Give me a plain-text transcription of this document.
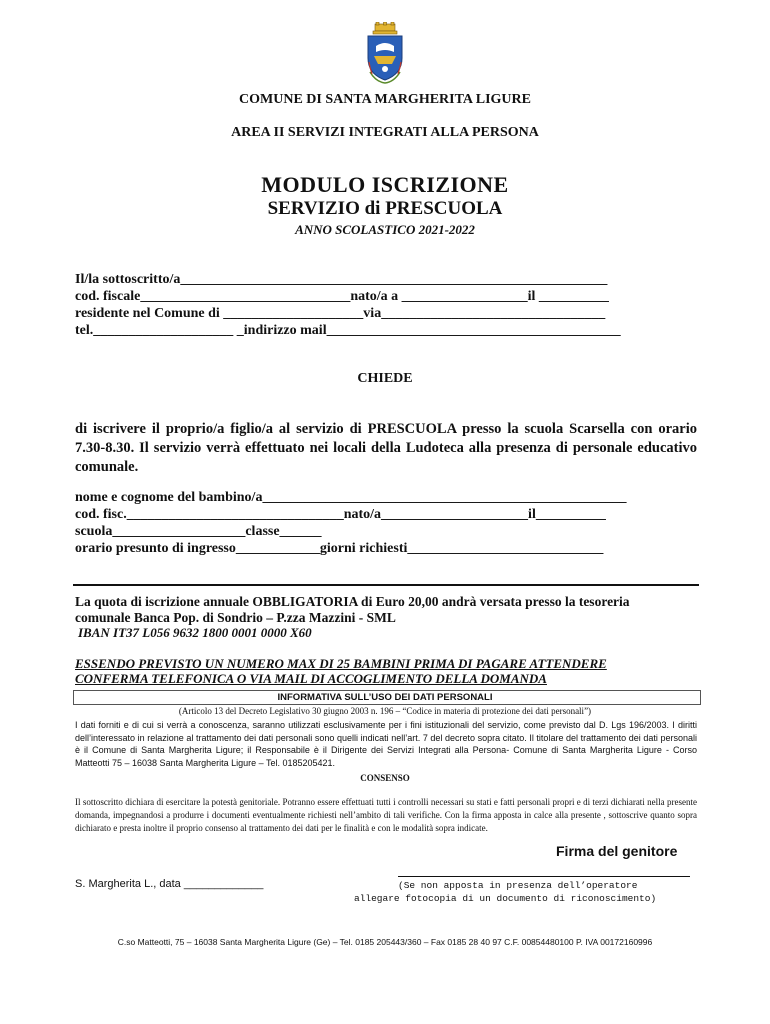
COMUNE DI SANTA MARGHERITA LIGURE
AREA II SERVIZI INTEGRATI ALLA PERSONA
MODULO ISCRIZIONE
SERVIZIO di PRESCUOLA
ANNO SCOLASTICO 2021-2022
Il/la sottoscritto/a_____________________________________________________________
cod. fiscale______________________________nato/a a __________________il __________
residente nel Comune di ____________________via________________________________
tel.____________________ _indirizzo mail__________________________________________
CHIEDE
di iscrivere il proprio/a figlio/a al servizio di PRESCUOLA presso la scuola Scarsella con orario 7.30-8.30. Il servizio verrà effettuato nei locali della Ludoteca alla presenza di personale educativo comunale.
nome e cognome del bambino/a____________________________________________________
cod. fisc._______________________________nato/a_____________________il__________
scuola___________________classe______
orario presunto di ingresso____________giorni richiesti____________________________
La quota di iscrizione annuale OBBLIGATORIA di Euro 20,00 andrà versata presso la tesoreria
comunale Banca Pop. di Sondrio – P.zza Mazzini - SML
IBAN IT37 L056 9632 1800 0001 0000 X60
ESSENDO PREVISTO UN NUMERO MAX DI 25 BAMBINI PRIMA DI PAGARE ATTENDERE
CONFERMA TELEFONICA O VIA MAIL DI ACCOGLIMENTO DELLA DOMANDA
INFORMATIVA SULL’USO DEI DATI PERSONALI
(Articolo 13 del Decreto Legislativo 30 giugno 2003 n. 196 – “Codice in materia di protezione dei dati personali”)
I dati forniti e di cui si verrà a conoscenza, saranno utilizzati esclusivamente per i fini istituzionali del servizio, come previsto dal D. Lgs 196/2003. I diritti dell’interessato in relazione al trattamento dei dati personali sono quelli indicati nell’art. 7 del decreto sopra citato. Il titolare del trattamento dei dati personali è il Comune di Santa Margherita Ligure; il Responsabile è il Dirigente dei Servizi Integrati alla Persona- Comune di Santa Margherita Ligure - Corso Matteotti 75 – 16038 Santa Margherita Ligure – Tel. 0185205421.
CONSENSO
Il sottoscritto dichiara di esercitare la potestà genitoriale. Potranno essere effettuati tutti i controlli necessari su stati e fatti personali propri e di terzi dichiarati nella presente domanda, impegnandosi a produrre i documenti eventualmente richiesti nell’ambito di tali verifiche. Con la firma apposta in calce alla presente , sottoscrive quanto sopra dichiarato e presta inoltre il proprio consenso al trattamento dei dati per le finalità e con le modalità sopra indicate.
Firma del genitore
S. Margherita L., data _____________	(Se non apposta in presenza dell’operatore
allegare fotocopia di un documento di riconoscimento)
C.so Matteotti, 75 – 16038 Santa Margherita Ligure (Ge) – Tel. 0185 205443/360 – Fax 0185 28 40 97 C.F. 00854480100 P. IVA 00172160996
